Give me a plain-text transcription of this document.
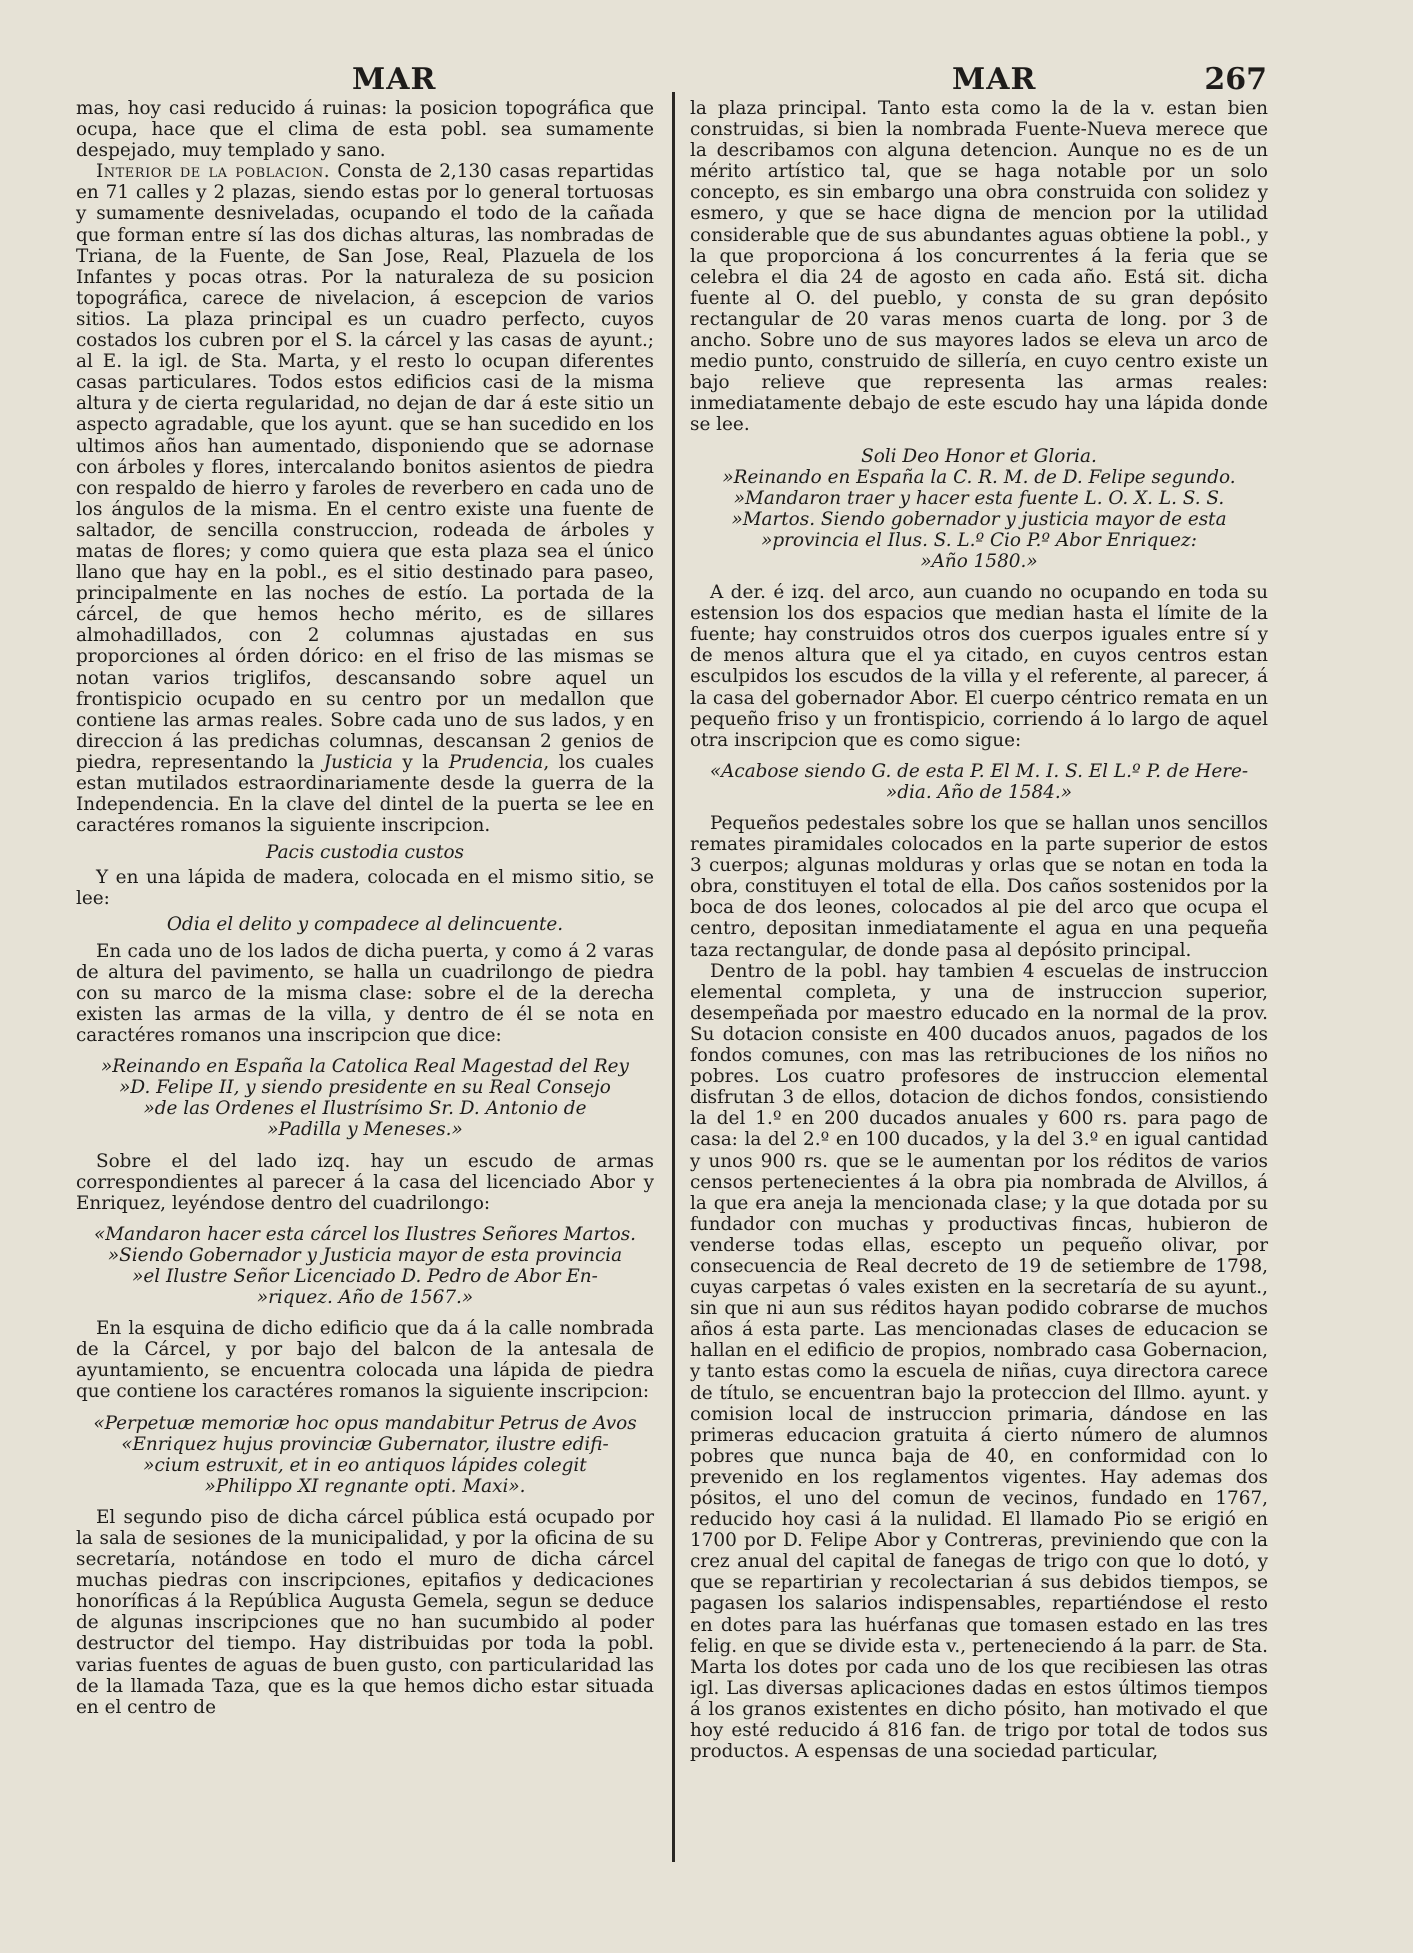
MAR	MAR	267

mas, hoy casi reducido á ruinas: la posicion topográfica que ocupa, hace que el clima de esta pobl. sea sumamente despejado, muy templado y sano.

Interior de la poblacion. Consta de 2,130 casas repartidas en 71 calles y 2 plazas, siendo estas por lo general tortuosas y sumamente desniveladas, ocupando el todo de la cañada que forman entre sí las dos dichas alturas, las nombradas de Triana, de la Fuente, de San Jose, Real, Plazuela de los Infantes y pocas otras. Por la naturaleza de su posicion topográfica, carece de nivelacion, á escepcion de varios sitios. La plaza principal es un cuadro perfecto, cuyos costados los cubren por el S. la cárcel y las casas de ayunt.; al E. la igl. de Sta. Marta, y el resto lo ocupan diferentes casas particulares. Todos estos edificios casi de la misma altura y de cierta regularidad, no dejan de dar á este sitio un aspecto agradable, que los ayunt. que se han sucedido en los ultimos años han aumentado, disponiendo que se adornase con árboles y flores, intercalando bonitos asientos de piedra con respaldo de hierro y faroles de reverbero en cada uno de los ángulos de la misma. En el centro existe una fuente de saltador, de sencilla construccion, rodeada de árboles y matas de flores; y como quiera que esta plaza sea el único llano que hay en la pobl., es el sitio destinado para paseo, principalmente en las noches de estío. La portada de la cárcel, de que hemos hecho mérito, es de sillares almohadillados, con 2 columnas ajustadas en sus proporciones al órden dórico: en el friso de las mismas se notan varios triglifos, descansando sobre aquel un frontispicio ocupado en su centro por un medallon que contiene las armas reales. Sobre cada uno de sus lados, y en direccion á las predichas columnas, descansan 2 genios de piedra, representando la Justicia y la Prudencia, los cuales estan mutilados estraordinariamente desde la guerra de la Independencia. En la clave del dintel de la puerta se lee en caractéres romanos la siguiente inscripcion.

Pacis custodia custos

Y en una lápida de madera, colocada en el mismo sitio, se lee:

Odia el delito y compadece al delincuente.

En cada uno de los lados de dicha puerta, y como á 2 varas de altura del pavimento, se halla un cuadrilongo de piedra con su marco de la misma clase: sobre el de la derecha existen las armas de la villa, y dentro de él se nota en caractéres romanos una inscripcion que dice:

»Reinando en España la Catolica Real Magestad del Rey
»D. Felipe II, y siendo presidente en su Real Consejo
»de las Ordenes el Ilustrísimo Sr. D. Antonio de
»Padilla y Meneses.»

Sobre el del lado izq. hay un escudo de armas correspondientes al parecer á la casa del licenciado Abor y Enriquez, leyéndose dentro del cuadrilongo:

«Mandaron hacer esta cárcel los Ilustres Señores Martos.
»Siendo Gobernador y Justicia mayor de esta provincia
»el Ilustre Señor Licenciado D. Pedro de Abor En-
»riquez. Año de 1567.»

En la esquina de dicho edificio que da á la calle nombrada de la Cárcel, y por bajo del balcon de la antesala de ayuntamiento, se encuentra colocada una lápida de piedra que contiene los caractéres romanos la siguiente inscripcion:

«Perpetuæ memoriæ hoc opus mandabitur Petrus de Avos
«Enriquez hujus provinciæ Gubernator, ilustre edifi-
»cium estruxit, et in eo antiquos lápides colegit
»Philippo XI regnante opti. Maxi».

El segundo piso de dicha cárcel pública está ocupado por la sala de sesiones de la municipalidad, y por la oficina de su secretaría, notándose en todo el muro de dicha cárcel muchas piedras con inscripciones, epitafios y dedicaciones honoríficas á la República Augusta Gemela, segun se deduce de algunas inscripciones que no han sucumbido al poder destructor del tiempo. Hay distribuidas por toda la pobl. varias fuentes de aguas de buen gusto, con particularidad las de la llamada Taza, que es la que hemos dicho estar situada en el centro de

la plaza principal. Tanto esta como la de la v. estan bien construidas, si bien la nombrada Fuente-Nueva merece que la describamos con alguna detencion. Aunque no es de un mérito artístico tal, que se haga notable por un solo concepto, es sin embargo una obra construida con solidez y esmero, y que se hace digna de mencion por la utilidad considerable que de sus abundantes aguas obtiene la pobl., y la que proporciona á los concurrentes á la feria que se celebra el dia 24 de agosto en cada año. Está sit. dicha fuente al O. del pueblo, y consta de su gran depósito rectangular de 20 varas menos cuarta de long. por 3 de ancho. Sobre uno de sus mayores lados se eleva un arco de medio punto, construido de sillería, en cuyo centro existe un bajo relieve que representa las armas reales: inmediatamente debajo de este escudo hay una lápida donde se lee.

Soli Deo Honor et Gloria.
»Reinando en España la C. R. M. de D. Felipe segundo.
»Mandaron traer y hacer esta fuente L. O. X. L. S. S.
»Martos. Siendo gobernador y justicia mayor de esta
»provincia el Ilus. S. L.º Cio P.º Abor Enriquez:
»Año 1580.»

A der. é izq. del arco, aun cuando no ocupando en toda su estension los dos espacios que median hasta el límite de la fuente; hay construidos otros dos cuerpos iguales entre sí y de menos altura que el ya citado, en cuyos centros estan esculpidos los escudos de la villa y el referente, al parecer, á la casa del gobernador Abor. El cuerpo céntrico remata en un pequeño friso y un frontispicio, corriendo á lo largo de aquel otra inscripcion que es como sigue:

«Acabose siendo G. de esta P. El M. I. S. El L.º P. de Here-
»dia. Año de 1584.»

Pequeños pedestales sobre los que se hallan unos sencillos remates piramidales colocados en la parte superior de estos 3 cuerpos; algunas molduras y orlas que se notan en toda la obra, constituyen el total de ella. Dos caños sostenidos por la boca de dos leones, colocados al pie del arco que ocupa el centro, depositan inmediatamente el agua en una pequeña taza rectangular, de donde pasa al depósito principal.

Dentro de la pobl. hay tambien 4 escuelas de instruccion elemental completa, y una de instruccion superior, desempeñada por maestro educado en la normal de la prov. Su dotacion consiste en 400 ducados anuos, pagados de los fondos comunes, con mas las retribuciones de los niños no pobres. Los cuatro profesores de instruccion elemental disfrutan 3 de ellos, dotacion de dichos fondos, consistiendo la del 1.º en 200 ducados anuales y 600 rs. para pago de casa: la del 2.º en 100 ducados, y la del 3.º en igual cantidad y unos 900 rs. que se le aumentan por los réditos de varios censos pertenecientes á la obra pia nombrada de Alvillos, á la que era aneja la mencionada clase; y la que dotada por su fundador con muchas y productivas fincas, hubieron de venderse todas ellas, escepto un pequeño olivar, por consecuencia de Real decreto de 19 de setiembre de 1798, cuyas carpetas ó vales existen en la secretaría de su ayunt., sin que ni aun sus réditos hayan podido cobrarse de muchos años á esta parte. Las mencionadas clases de educacion se hallan en el edificio de propios, nombrado casa Gobernacion, y tanto estas como la escuela de niñas, cuya directora carece de título, se encuentran bajo la proteccion del Illmo. ayunt. y comision local de instruccion primaria, dándose en las primeras educacion gratuita á cierto número de alumnos pobres que nunca baja de 40, en conformidad con lo prevenido en los reglamentos vigentes. Hay ademas dos pósitos, el uno del comun de vecinos, fundado en 1767, reducido hoy casi á la nulidad. El llamado Pio se erigió en 1700 por D. Felipe Abor y Contreras, previniendo que con la crez anual del capital de fanegas de trigo con que lo dotó, y que se repartirian y recolectarian á sus debidos tiempos, se pagasen los salarios indispensables, repartiéndose el resto en dotes para las huérfanas que tomasen estado en las tres felig. en que se divide esta v., perteneciendo á la parr. de Sta. Marta los dotes por cada uno de los que recibiesen las otras igl. Las diversas aplicaciones dadas en estos últimos tiempos á los granos existentes en dicho pósito, han motivado el que hoy esté reducido á 816 fan. de trigo por total de todos sus productos. A espensas de una sociedad particular,
